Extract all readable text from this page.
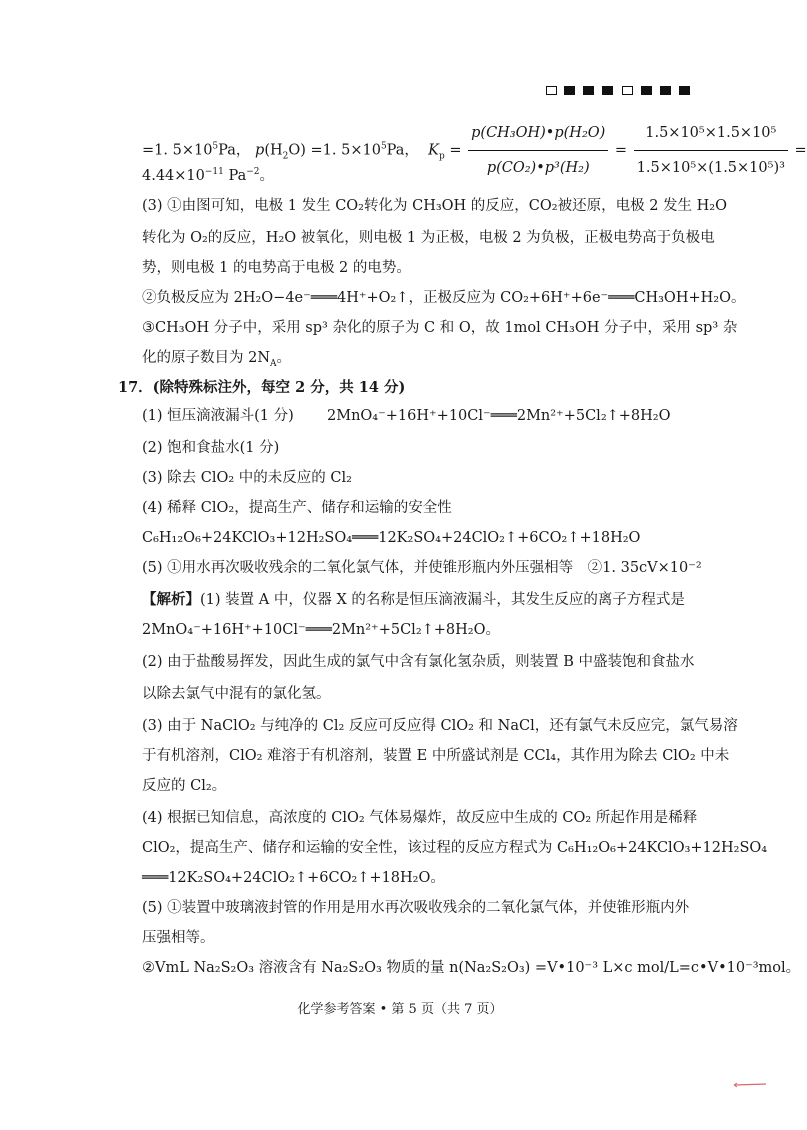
=1. $5\times 10^5Pa$， $p(H_2O) =1$. $5\times 10^5Pa$， $K_p = \frac{\text{p(CH₃OH)•p(H₂O)}}{\text{p(CO₂)•p³(H₂)}} = \frac{\text{1.5×10⁵×1.5×10⁵}}{\text{1.5×10⁵×(1.5×10⁵)³}}$ =
$4.44\times 10^{-11}$ $Pa^{-2}$。
(3) ①由图可知，电极 1 发生 CO₂转化为 CH₃OH 的反应，CO₂被还原，电极 2 发生 H₂O
转化为 O₂的反应，H₂O 被氧化，则电极 1 为正极，电极 2 为负极，正极电势高于负极电
势，则电极 1 的电势高于电极 2 的电势。
②负极反应为 2H₂O−4e⁻═══4H⁺+O₂↑，正极反应为 CO₂+6H⁺+6e⁻═══CH₃OH+H₂O。
③CH₃OH 分子中，采用 sp³ 杂化的原子为 C 和 O，故 1mol CH₃OH 分子中，采用 sp³ 杂
化的原子数目为 $2N_A$。
17．(除特殊标注外，每空 2 分，共 14 分)
(1) 恒压滴液漏斗(1 分) 2MnO₄⁻+16H⁺+10Cl⁻═══2Mn²⁺+5Cl₂↑+8H₂O
(2) 饱和食盐水(1 分)
(3) 除去 ClO₂ 中的未反应的 Cl₂
(4) 稀释 ClO₂，提高生产、储存和运输的安全性
C₆H₁₂O₆+24KClO₃+12H₂SO₄═══12K₂SO₄+24ClO₂↑+6CO₂↑+18H₂O
(5) ①用水再次吸收残余的二氧化氯气体，并使锥形瓶内外压强相等　②1. 35cV×10⁻²
【解析】(1) 装置 A 中，仪器 X 的名称是恒压滴液漏斗，其发生反应的离子方程式是
2MnO₄⁻+16H⁺+10Cl⁻═══2Mn²⁺+5Cl₂↑+8H₂O。
(2) 由于盐酸易挥发，因此生成的氯气中含有氯化氢杂质，则装置 B 中盛装饱和食盐水
以除去氯气中混有的氯化氢。
(3) 由于 NaClO₂ 与纯净的 Cl₂ 反应可反应得 ClO₂ 和 NaCl，还有氯气未反应完，氯气易溶
于有机溶剂，ClO₂ 难溶于有机溶剂，装置 E 中所盛试剂是 CCl₄，其作用为除去 ClO₂ 中未
反应的 Cl₂。
(4) 根据已知信息，高浓度的 ClO₂ 气体易爆炸，故反应中生成的 CO₂ 所起作用是稀释
ClO₂，提高生产、储存和运输的安全性，该过程的反应方程式为 C₆H₁₂O₆+24KClO₃+12H₂SO₄
═══12K₂SO₄+24ClO₂↑+6CO₂↑+18H₂O。
(5) ①装置中玻璃液封管的作用是用水再次吸收残余的二氧化氯气体，并使锥形瓶内外
压强相等。
②VmL Na₂S₂O₃ 溶液含有 Na₂S₂O₃ 物质的量 n(Na₂S₂O₃) =V•10⁻³ L×c mol/L=c•V•10⁻³mol。
化学参考答案 • 第 5 页（共 7 页）
